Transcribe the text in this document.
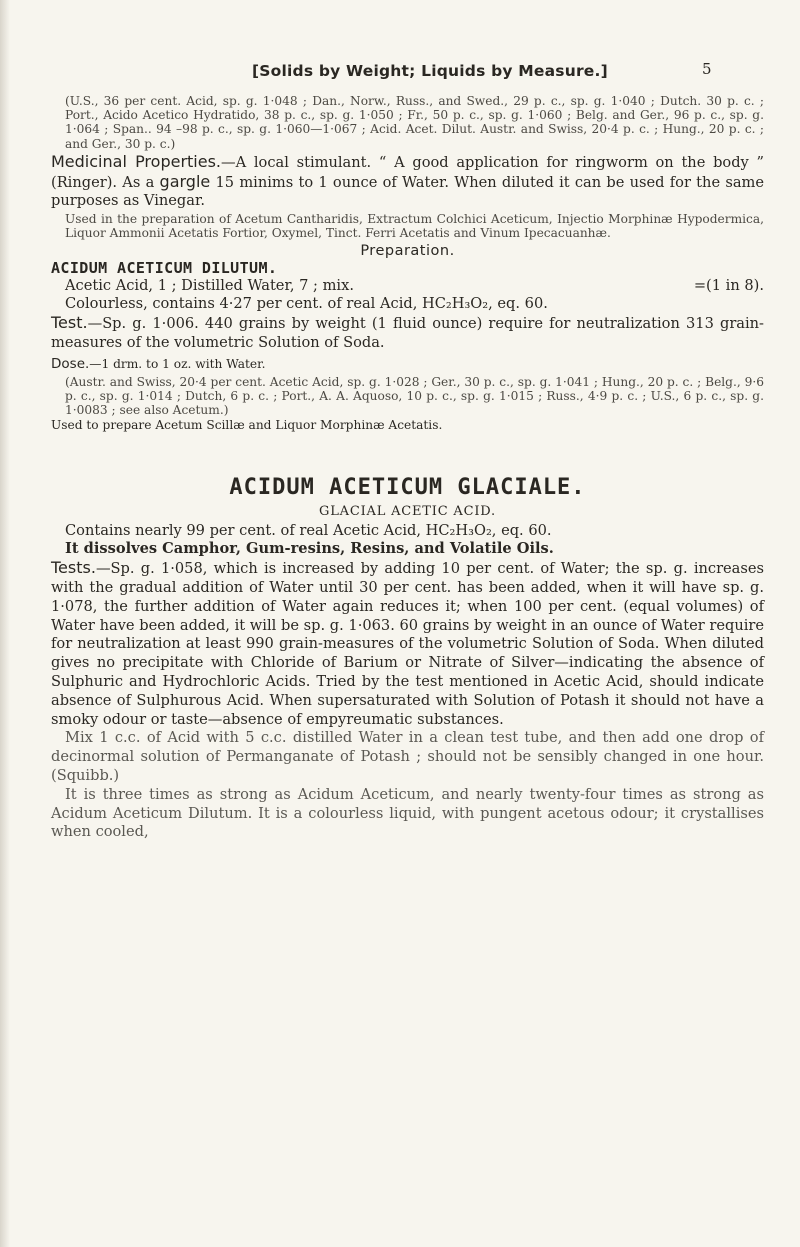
[Solids by Weight; Liquids by Measure.]	5

(U.S., 36 per cent. Acid, sp. g. 1·048 ; Dan., Norw., Russ., and Swed., 29 p. c., sp. g. 1·040 ; Dutch. 30 p. c. ; Port., Acido Acetico Hydratido, 38 p. c., sp. g. 1·050 ; Fr., 50 p. c., sp. g. 1·060 ; Belg. and Ger., 96 p. c., sp. g. 1·064 ; Span.. 94 –98 p. c., sp. g. 1·060—1·067 ; Acid. Acet. Dilut. Austr. and Swiss, 20·4 p. c. ; Hung., 20 p. c. ; and Ger., 30 p. c.)

Medicinal Properties.—A local stimulant. “ A good application for ringworm on the body ” (Ringer). As a gargle 15 minims to 1 ounce of Water. When diluted it can be used for the same purposes as Vinegar.

Used in the preparation of Acetum Cantharidis, Extractum Colchici Aceticum, Injectio Morphinæ Hypodermica, Liquor Ammonii Acetatis Fortior, Oxymel, Tinct. Ferri Acetatis and Vinum Ipecacuanhæ.

Preparation.

ACIDUM ACETICUM DILUTUM.

Acetic Acid, 1 ; Distilled Water, 7 ; mix.	=(1 in 8).

Colourless, contains 4·27 per cent. of real Acid, HC₂H₃O₂, eq. 60.

Test.—Sp. g. 1·006. 440 grains by weight (1 fluid ounce) require for neutralization 313 grain-measures of the volumetric Solution of Soda.

Dose.—1 drm. to 1 oz. with Water.

(Austr. and Swiss, 20·4 per cent. Acetic Acid, sp. g. 1·028 ; Ger., 30 p. c., sp. g. 1·041 ; Hung., 20 p. c. ; Belg., 9·6 p. c., sp. g. 1·014 ; Dutch, 6 p. c. ; Port., A. A. Aquoso, 10 p. c., sp. g. 1·015 ; Russ., 4·9 p. c. ; U.S., 6 p. c., sp. g. 1·0083 ; see also Acetum.)

Used to prepare Acetum Scillæ and Liquor Morphinæ Acetatis.

ACIDUM ACETICUM GLACIALE.

GLACIAL ACETIC ACID.

Contains nearly 99 per cent. of real Acetic Acid, HC₂H₃O₂, eq. 60.

It dissolves Camphor, Gum-resins, Resins, and Volatile Oils.

Tests.—Sp. g. 1·058, which is increased by adding 10 per cent. of Water; the sp. g. increases with the gradual addition of Water until 30 per cent. has been added, when it will have sp. g. 1·078, the further addition of Water again reduces it; when 100 per cent. (equal volumes) of Water have been added, it will be sp. g. 1·063. 60 grains by weight in an ounce of Water require for neutralization at least 990 grain-measures of the volumetric Solution of Soda. When diluted gives no precipitate with Chloride of Barium or Nitrate of Silver—indicating the absence of Sulphuric and Hydrochloric Acids. Tried by the test mentioned in Acetic Acid, should indicate absence of Sulphurous Acid. When supersaturated with Solution of Potash it should not have a smoky odour or taste—absence of empyreumatic substances.

Mix 1 c.c. of Acid with 5 c.c. distilled Water in a clean test tube, and then add one drop of decinormal solution of Permanganate of Potash ; should not be sensibly changed in one hour. (Squibb.)

It is three times as strong as Acidum Aceticum, and nearly twenty-four times as strong as Acidum Aceticum Dilutum. It is a colourless liquid, with pungent acetous odour; it crystallises when cooled,
